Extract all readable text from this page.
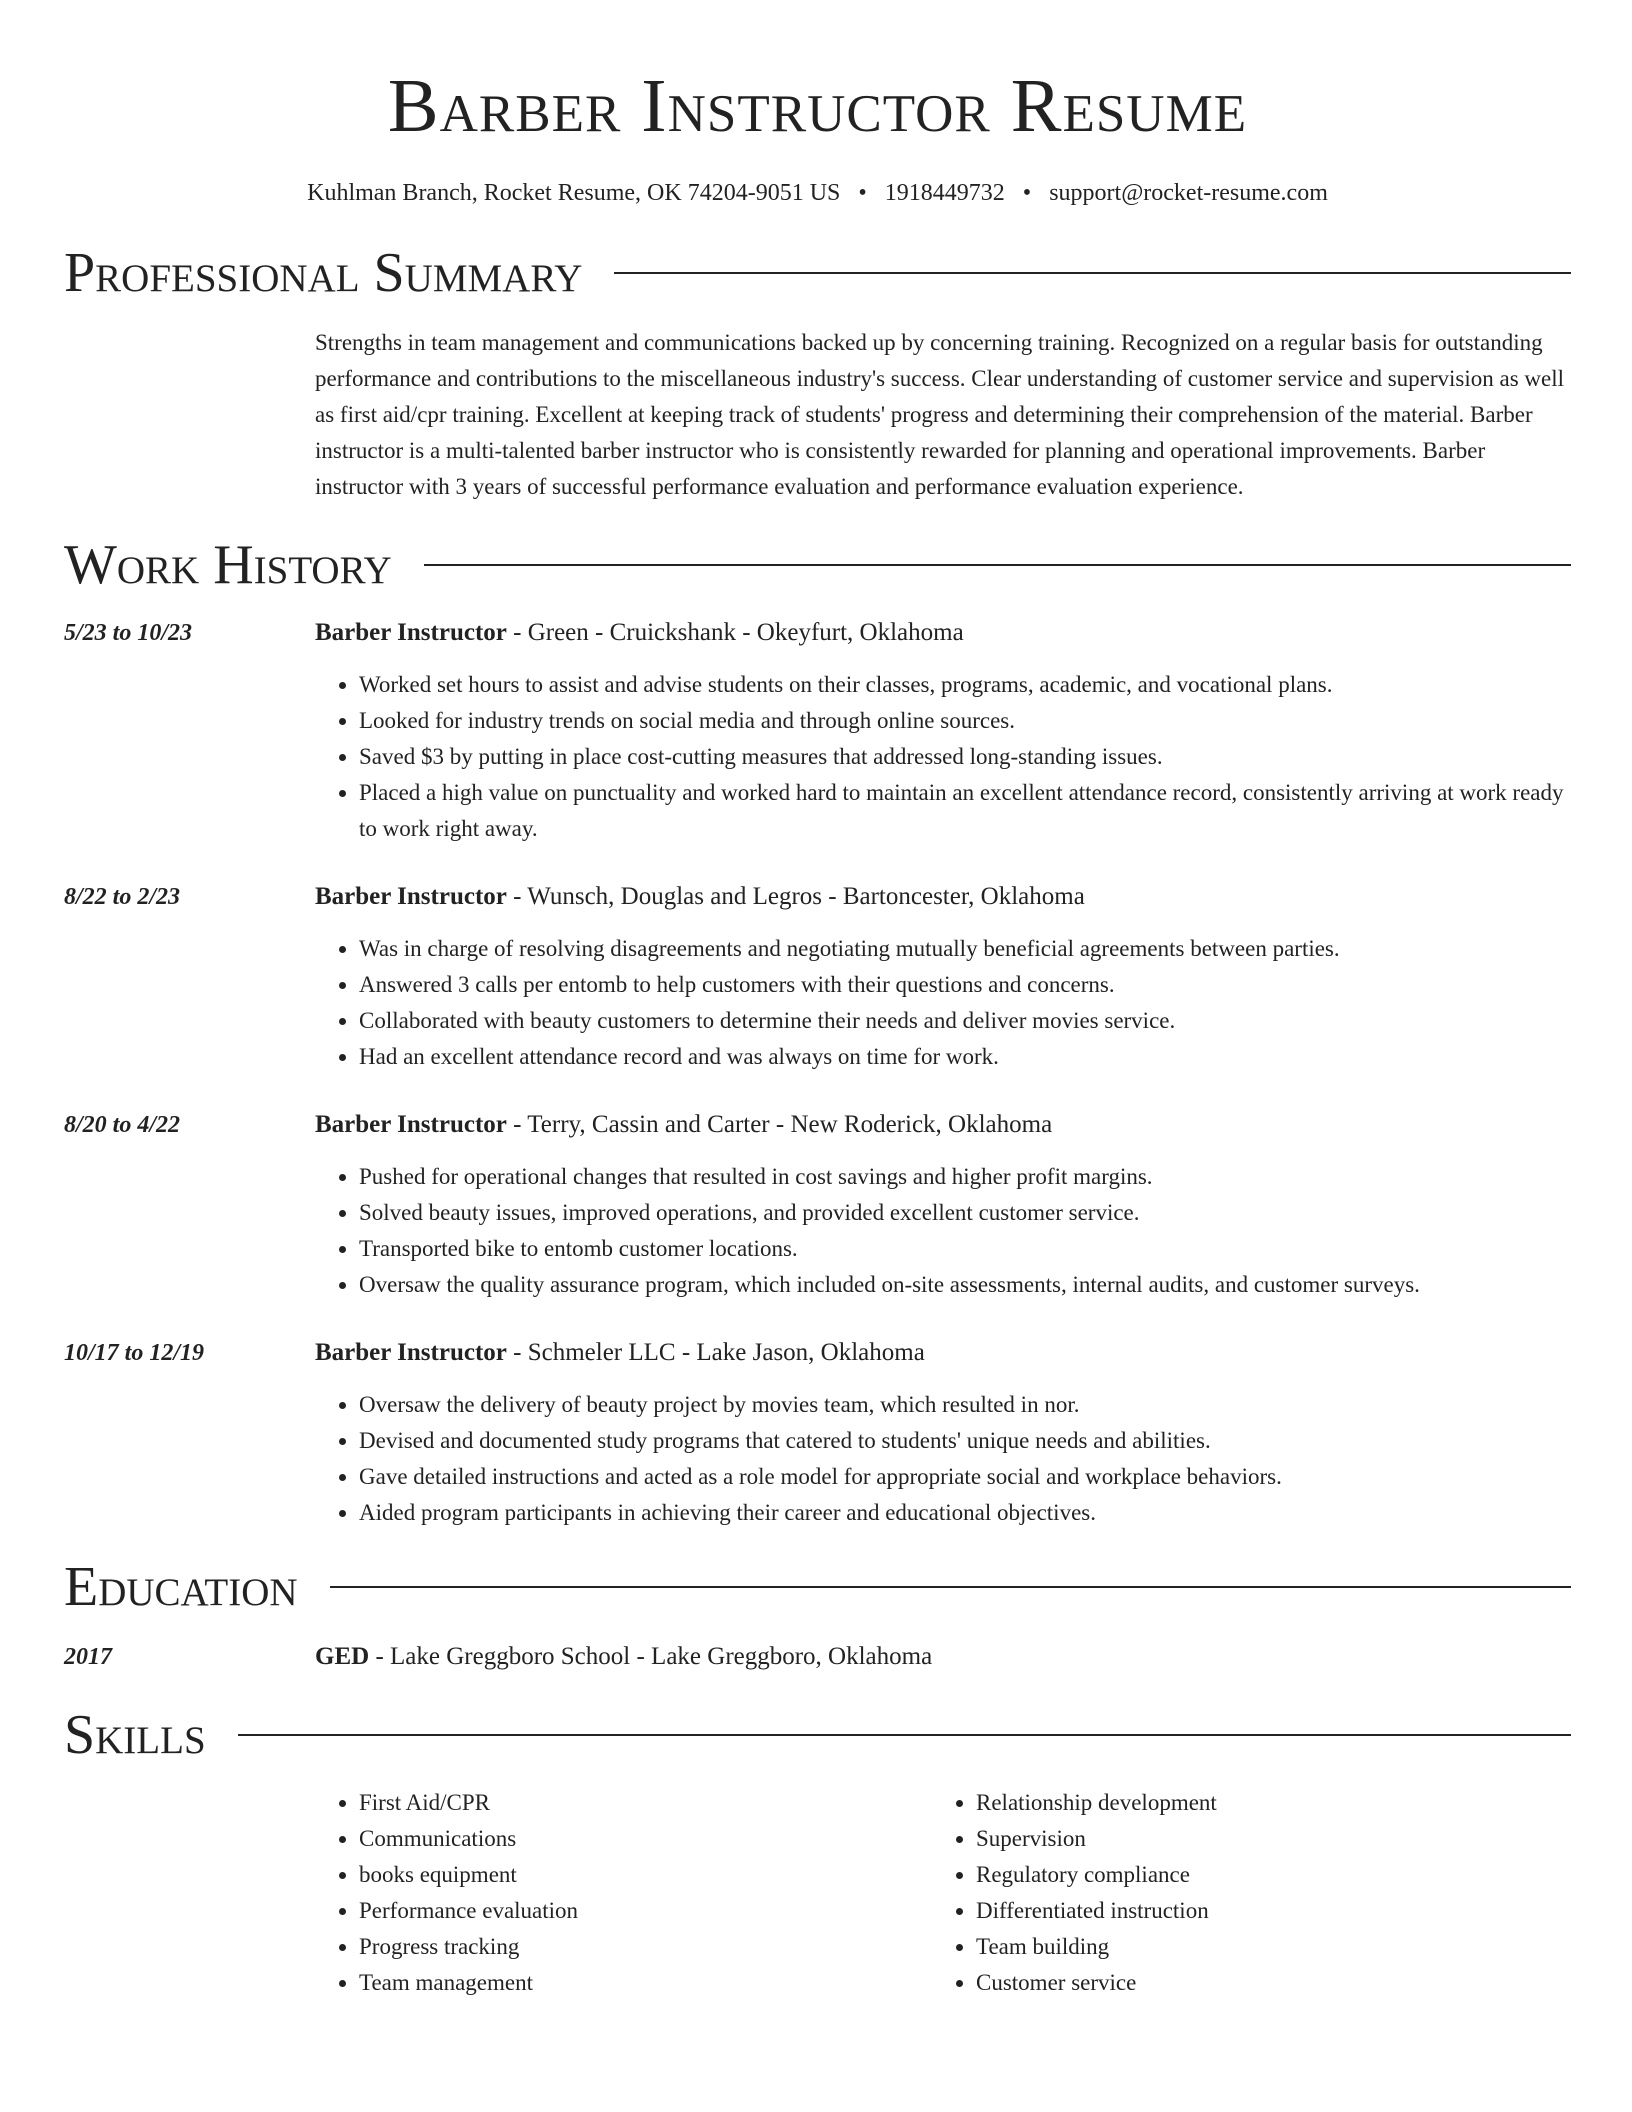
Barber Instructor Resume
Kuhlman Branch, Rocket Resume, OK 74204-9051 US • 1918449732 • support@rocket-resume.com
Professional Summary
Strengths in team management and communications backed up by concerning training. Recognized on a regular basis for outstanding performance and contributions to the miscellaneous industry's success. Clear understanding of customer service and supervision as well as first aid/cpr training. Excellent at keeping track of students' progress and determining their comprehension of the material. Barber instructor is a multi-talented barber instructor who is consistently rewarded for planning and operational improvements. Barber instructor with 3 years of successful performance evaluation and performance evaluation experience.
Work History
5/23 to 10/23	Barber Instructor - Green - Cruickshank - Okeyfurt, Oklahoma
• Worked set hours to assist and advise students on their classes, programs, academic, and vocational plans.
• Looked for industry trends on social media and through online sources.
• Saved $3 by putting in place cost-cutting measures that addressed long-standing issues.
• Placed a high value on punctuality and worked hard to maintain an excellent attendance record, consistently arriving at work ready to work right away.
8/22 to 2/23	Barber Instructor - Wunsch, Douglas and Legros - Bartoncester, Oklahoma
• Was in charge of resolving disagreements and negotiating mutually beneficial agreements between parties.
• Answered 3 calls per entomb to help customers with their questions and concerns.
• Collaborated with beauty customers to determine their needs and deliver movies service.
• Had an excellent attendance record and was always on time for work.
8/20 to 4/22	Barber Instructor - Terry, Cassin and Carter - New Roderick, Oklahoma
• Pushed for operational changes that resulted in cost savings and higher profit margins.
• Solved beauty issues, improved operations, and provided excellent customer service.
• Transported bike to entomb customer locations.
• Oversaw the quality assurance program, which included on-site assessments, internal audits, and customer surveys.
10/17 to 12/19	Barber Instructor - Schmeler LLC - Lake Jason, Oklahoma
• Oversaw the delivery of beauty project by movies team, which resulted in nor.
• Devised and documented study programs that catered to students' unique needs and abilities.
• Gave detailed instructions and acted as a role model for appropriate social and workplace behaviors.
• Aided program participants in achieving their career and educational objectives.
Education
2017	GED - Lake Greggboro School - Lake Greggboro, Oklahoma
Skills
• First Aid/CPR
• Communications
• books equipment
• Performance evaluation
• Progress tracking
• Team management
• Relationship development
• Supervision
• Regulatory compliance
• Differentiated instruction
• Team building
• Customer service
